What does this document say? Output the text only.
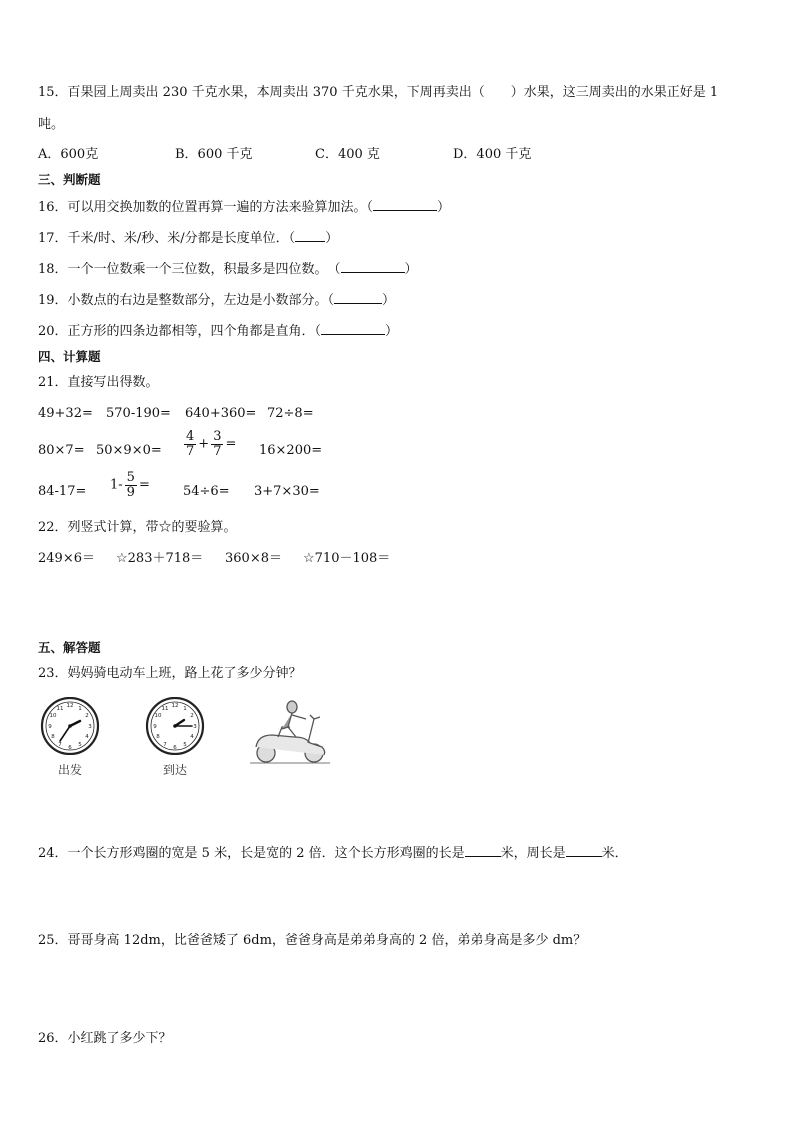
15．百果园上周卖出 230 千克水果，本周卖出 370 千克水果，下周再卖出（　　）水果，这三周卖出的水果正好是 1
吨。
A．600克	B．600 千克	C．400 克	D．400 千克
三、判断题
16．可以用交换加数的位置再算一遍的方法来验算加法。（	）
17．千米/时、米/秒、米/分都是长度单位．（ ）
18．一个一位数乘一个三位数，积最多是四位数。　（	）
19．小数点的右边是整数部分，左边是小数部分。（	）
20．正方形的四条边都相等，四个角都是直角．（	）
四、计算题
21．直接写出得数。
49+32= 570-190= 640+360= 72÷8=
$80\times 7= 50\times 9\times 0= \frac{4}{7} + \frac{3}{7} = 16\times 200=$
$84-17= 1- \frac{5}{9}$ =	54÷6= 3+7×30=
22．列竖式计算，带☆的要验算。
249×6＝ ☆283＋718＝ 360×8＝ ☆710－108＝
五、解答题
23．妈妈骑电动车上班，路上花了多少分钟？
12 1
2
3
4
5
6
7
8
9
10
11
出发
12 1
2
3
4
5
6
7
8
9
10
11
到达
24．一个长方形鸡圈的宽是 5 米，长是宽的 2 倍．这个长方形鸡圈的长是	米，周长是	米．
25．哥哥身高 12dm，比爸爸矮了 6dm，爸爸身高是弟弟身高的 2 倍，弟弟身高是多少 dm？
26．小红跳了多少下？
